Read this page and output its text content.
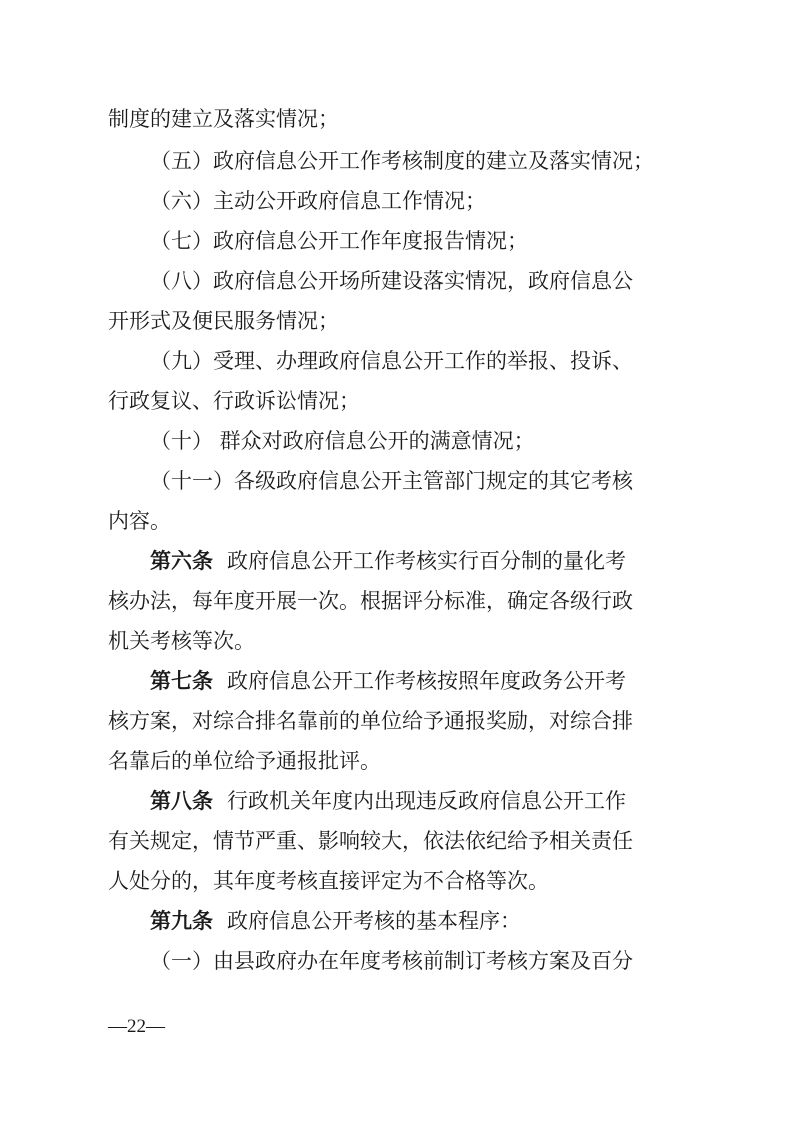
制度的建立及落实情况；
（五）政府信息公开工作考核制度的建立及落实情况；
（六）主动公开政府信息工作情况；
（七）政府信息公开工作年度报告情况；
（八）政府信息公开场所建设落实情况，政府信息公
开形式及便民服务情况；
（九）受理、办理政府信息公开工作的举报、投诉、
行政复议、行政诉讼情况；
（十） 群众对政府信息公开的满意情况；
（十一）各级政府信息公开主管部门规定的其它考核
内容。
第六条 政府信息公开工作考核实行百分制的量化考
核办法，每年度开展一次。根据评分标准，确定各级行政
机关考核等次。
第七条 政府信息公开工作考核按照年度政务公开考
核方案，对综合排名靠前的单位给予通报奖励，对综合排
名靠后的单位给予通报批评。
第八条 行政机关年度内出现违反政府信息公开工作
有关规定，情节严重、影响较大，依法依纪给予相关责任
人处分的，其年度考核直接评定为不合格等次。
第九条 政府信息公开考核的基本程序：
（一）由县政府办在年度考核前制订考核方案及百分
—22—
